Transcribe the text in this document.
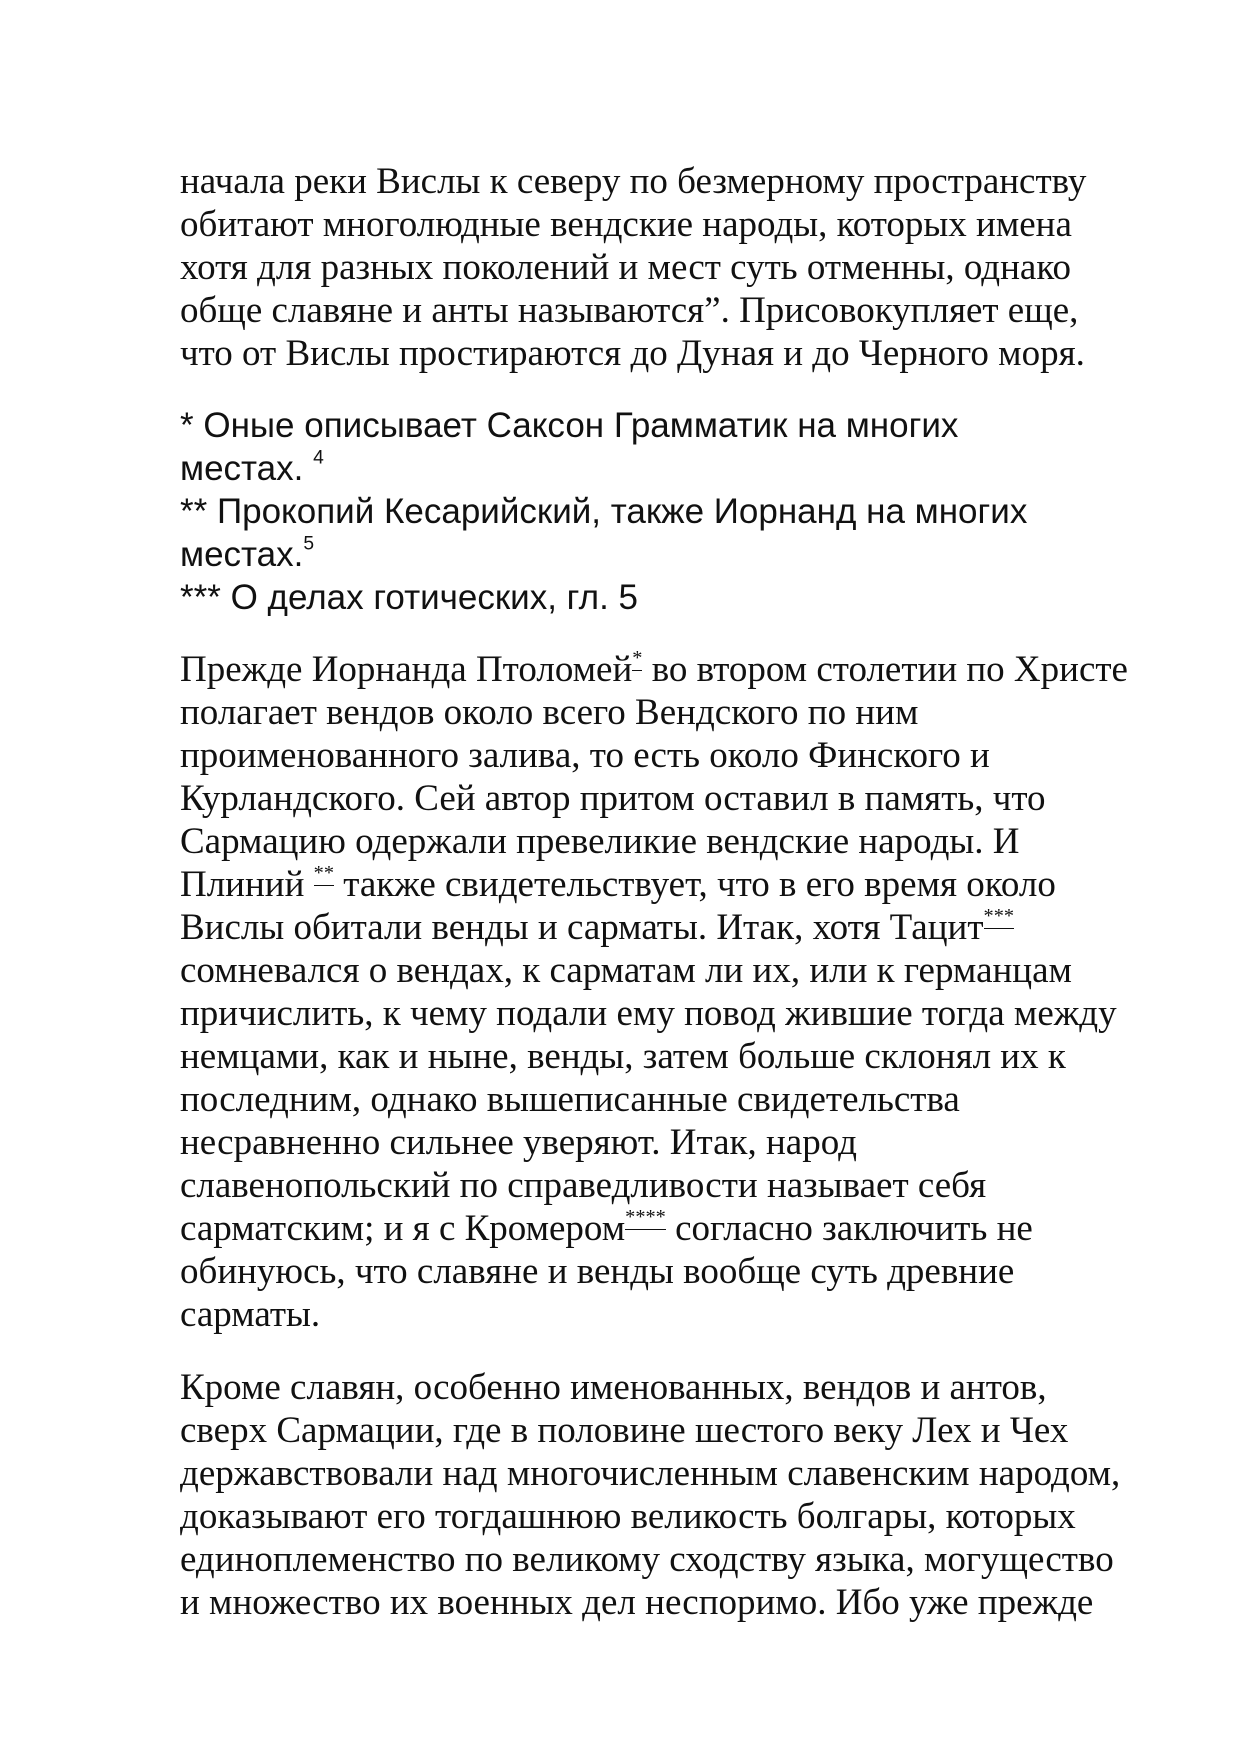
начала реки Вислы к северу по безмерному пространству
обитают многолюдные вендские народы, которых имена
хотя для разных поколений и мест суть отменны, однако
обще славяне и анты называются”. Присовокупляет еще,
что от Вислы простираются до Дуная и до Черного моря.
* Оные описывает Саксон Грамматик на многих
местах. $^4$
** Прокопий Кесарийский, также Иорнанд на многих
местах.$^5$
*** О делах готических, гл. 5
Прежде Иорнанда Птоломей* во втором столетии по Христе
полагает вендов около всего Вендского по ним
проименованного залива, то есть около Финского и
Курландского. Сей автор притом оставил в память, что
Сармацию одержали превеликие вендские народы. И
Плиний ** также свидетельствует, что в его время около
Вислы обитали венды и сарматы. Итак, хотя Тацит***
сомневался о вендах, к сарматам ли их, или к германцам
причислить, к чему подали ему повод жившие тогда между
немцами, как и ныне, венды, затем больше склонял их к
последним, однако вышеписанные свидетельства
несравненно сильнее уверяют. Итак, народ
славенопольский по справедливости называет себя
сарматским; и я с Кромером**** согласно заключить не
обинуюсь, что славяне и венды вообще суть древние
сарматы.
Кроме славян, особенно именованных, вендов и антов,
сверх Сармации, где в половине шестого веку Лех и Чех
державствовали над многочисленным славенским народом,
доказывают его тогдашнюю великость болгары, которых
единоплеменство по великому сходству языка, могущество
и множество их военных дел неспоримо. Ибо уже прежде
